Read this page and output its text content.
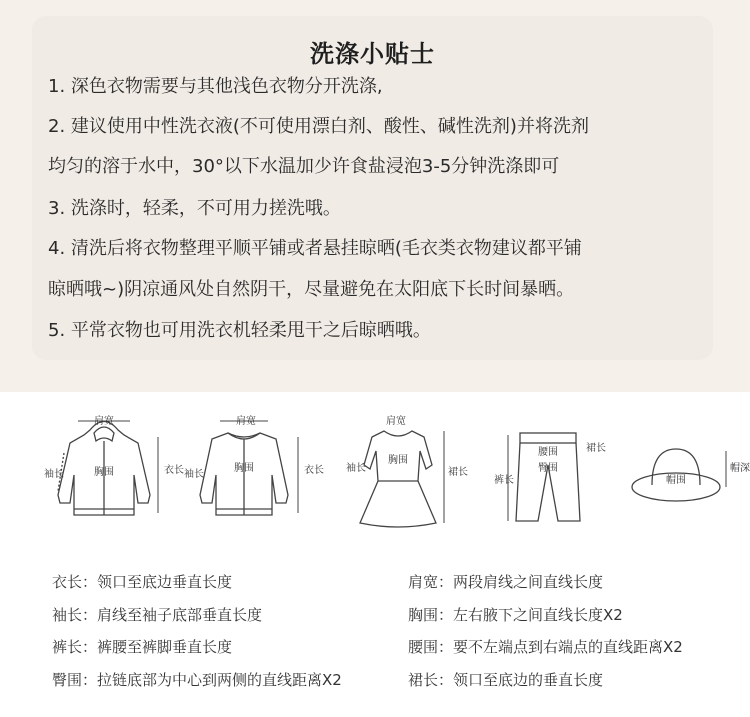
洗涤小贴士
1. 深色衣物需要与其他浅色衣物分开洗涤,
2. 建议使用中性洗衣液(不可使用漂白剂、酸性、碱性洗剂)并将洗剂
均匀的溶于水中，30°以下水温加少许食盐浸泡3-5分钟洗涤即可
3. 洗涤时，轻柔，不可用力搓洗哦。
4. 清洗后将衣物整理平顺平铺或者悬挂晾晒(毛衣类衣物建议都平铺
晾晒哦~)阴凉通风处自然阴干，尽量避免在太阳底下长时间暴晒。
5. 平常衣物也可用洗衣机轻柔甩干之后晾晒哦。
肩宽
胸围	衣长
袖长
肩宽
胸围	衣长
袖长
肩宽
胸围
裙长
袖长
腰围
臀围
裤长
裙长
帽围
帽深
衣长：领口至底边垂直长度	肩宽：两段肩线之间直线长度
袖长：肩线至袖子底部垂直长度	胸围：左右腋下之间直线长度X2
裤长：裤腰至裤脚垂直长度	腰围：要不左端点到右端点的直线距离X2
臀围：拉链底部为中心到两侧的直线距离X2	裙长：领口至底边的垂直长度
